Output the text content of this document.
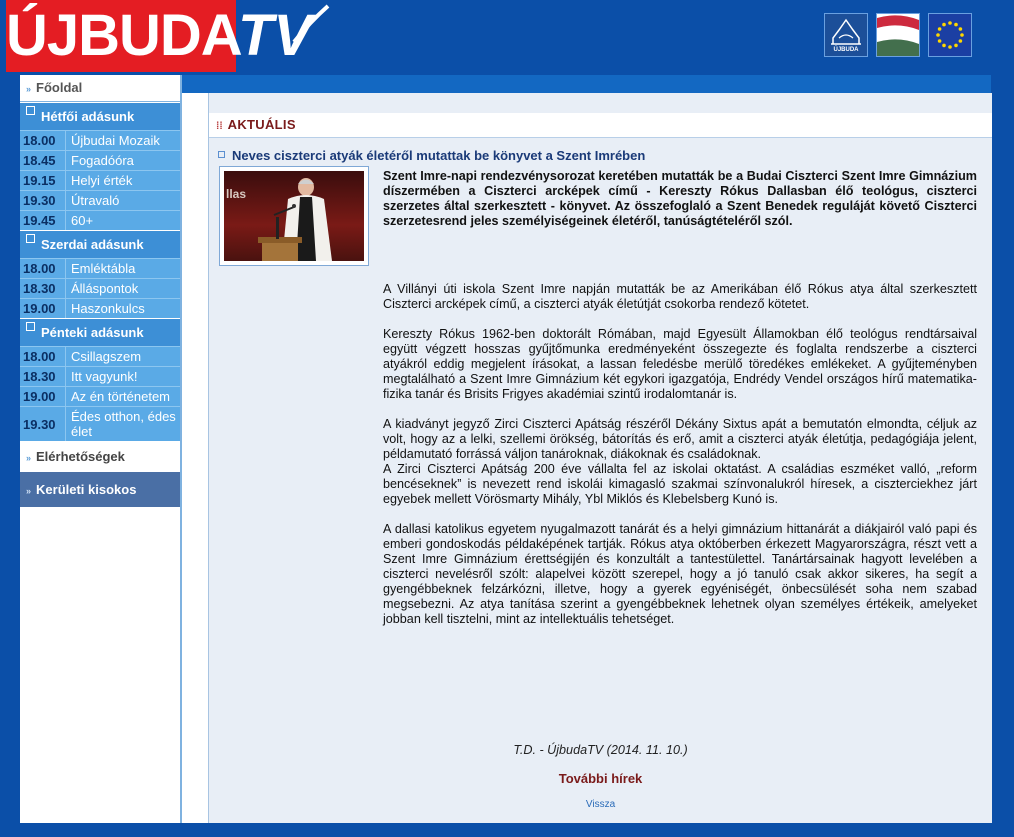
ÚJBUDA
TV	ÚJBUDA
» Főoldal
Hétfői adásunk
18.00	Újbudai Mozaik
18.45	Fogadóóra
19.15	Helyi érték
19.30	Útravaló
19.45	60+
Szerdai adásunk
18.00	Emléktábla
18.30	Álláspontok
19.00	Haszonkulcs
Pénteki adásunk
18.00	Csillagszem
18.30	Itt vagyunk!
19.00	Az én történetem
19.30	Édes otthon, édes élet
» Elérhetőségek
» Kerületi kisokos
⁞⁞ AKTUÁLIS
Neves ciszterci atyák életéről mutattak be könyvet a Szent Imrében
llas
Szent Imre-napi rendezvénysorozat keretében mutatták be a Budai Ciszterci Szent Imre Gimnázium díszermében a Ciszterci arcképek című - Kereszty Rókus Dallasban élő teológus, ciszterci szerzetes által szerkesztett - könyvet. Az összefoglaló a Szent Benedek reguláját követő Ciszterci szerzetesrend jeles személyiségeinek életéről, tanúságtételéről szól.

A Villányi úti iskola Szent Imre napján mutatták be az Amerikában élő Rókus atya által szerkesztett Ciszterci arcképek című, a ciszterci atyák életútját csokorba rendező kötetet.

Kereszty Rókus 1962-ben doktorált Rómában, majd Egyesült Államokban élő teológus rendtársaival együtt végzett hosszas gyűjtőmunka eredményeként összegezte és foglalta rendszerbe a ciszterci atyákról eddig megjelent írásokat, a lassan feledésbe merülő töredékes emlékeket. A gyűjteményben megtalálható a Szent Imre Gimnázium két egykori igazgatója, Endrédy Vendel országos hírű matematika-fizika tanár és Brisits Frigyes akadémiai szintű irodalomtanár is.

A kiadványt jegyző Zirci Ciszterci Apátság részéről Dékány Sixtus apát a bemutatón elmondta, céljuk az volt, hogy az a lelki, szellemi örökség, bátorítás és erő, amit a ciszterci atyák életútja, pedagógiája jelent, példamutató forrássá váljon tanároknak, diákoknak és családoknak.

A Zirci Ciszterci Apátság 200 éve vállalta fel az iskolai oktatást. A családias eszméket valló, „reform bencéseknek” is nevezett rend iskolái kimagasló szakmai színvonalukról híresek, a ciszterciekhez járt egyebek mellett Vörösmarty Mihály, Ybl Miklós és Klebelsberg Kunó is.

A dallasi katolikus egyetem nyugalmazott tanárát és a helyi gimnázium hittanárát a diákjairól való papi és emberi gondoskodás példaképének tartják. Rókus atya októberben érkezett Magyarországra, részt vett a Szent Imre Gimnázium érettségijén és konzultált a tantestülettel. Tanártársainak hagyott levelében a ciszterci nevelésről szólt: alapelvei között szerepel, hogy a jó tanuló csak akkor sikeres, ha segít a gyengébbeknek felzárkózni, illetve, hogy a gyerek egyéniségét, önbecsülését soha nem szabad megsebezni. Az atya tanítása szerint a gyengébbeknek lehetnek olyan személyes értékeik, amelyeket jobban kell tisztelni, mint az intellektuális tehetséget.

T.D. - ÚjbudaTV (2014. 11. 10.)
További hírek
Vissza
